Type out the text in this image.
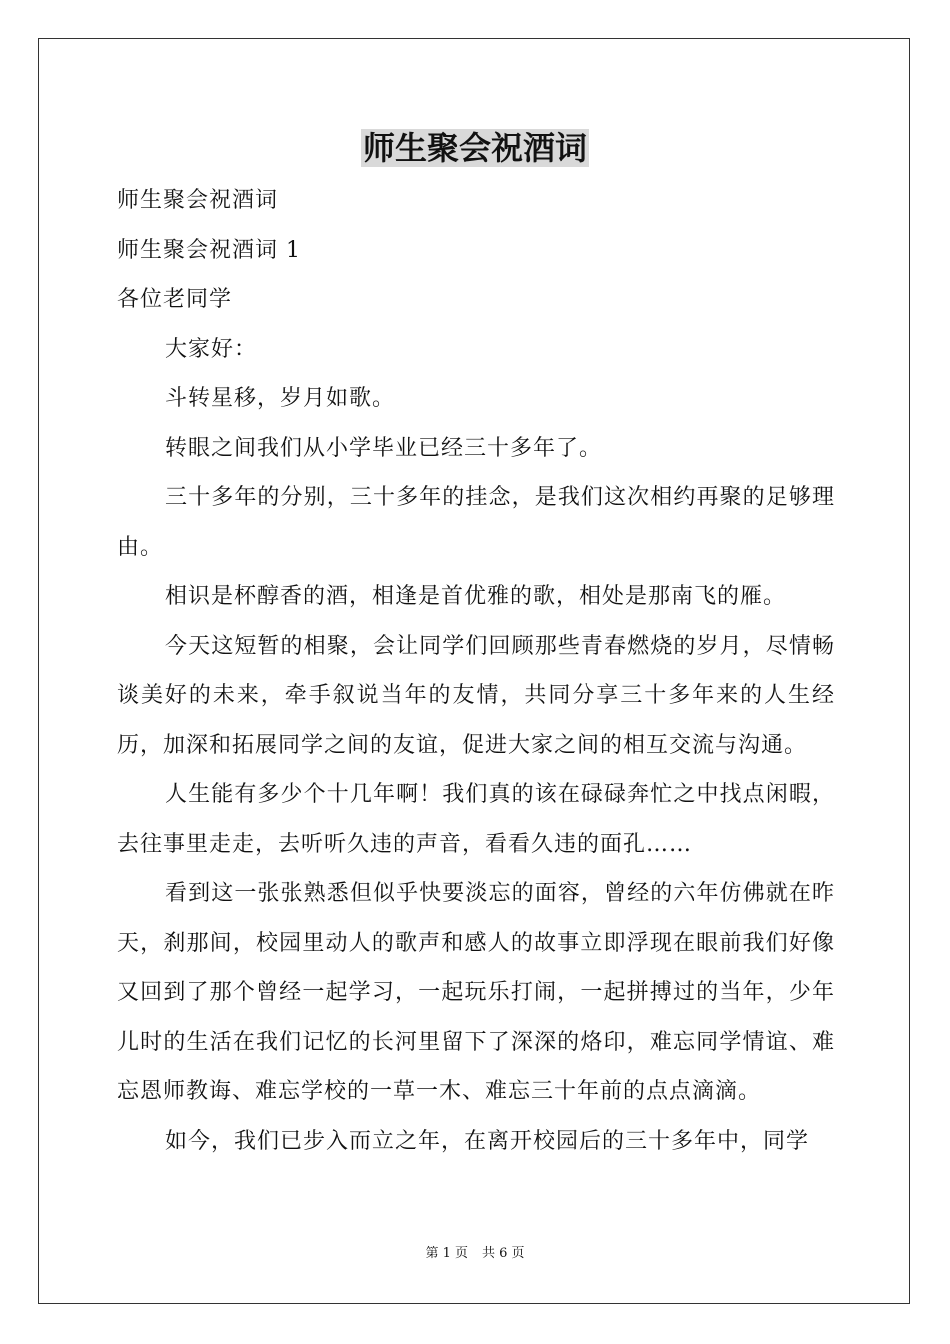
师生聚会祝酒词

师生聚会祝酒词

师生聚会祝酒词 1

各位老同学

大家好：

斗转星移，岁月如歌。

转眼之间我们从小学毕业已经三十多年了。

三十多年的分别，三十多年的挂念，是我们这次相约再聚的足够理由。

相识是杯醇香的酒，相逢是首优雅的歌，相处是那南飞的雁。

今天这短暂的相聚，会让同学们回顾那些青春燃烧的岁月，尽情畅谈美好的未来，牵手叙说当年的友情，共同分享三十多年来的人生经历，加深和拓展同学之间的友谊，促进大家之间的相互交流与沟通。

人生能有多少个十几年啊！我们真的该在碌碌奔忙之中找点闲暇，去往事里走走，去听听久违的声音，看看久违的面孔……

看到这一张张熟悉但似乎快要淡忘的面容，曾经的六年仿佛就在昨天，刹那间，校园里动人的歌声和感人的故事立即浮现在眼前我们好像又回到了那个曾经一起学习，一起玩乐打闹，一起拼搏过的当年，少年儿时的生活在我们记忆的长河里留下了深深的烙印，难忘同学情谊、难忘恩师教诲、难忘学校的一草一木、难忘三十年前的点点滴滴。

如今，我们已步入而立之年，在离开校园后的三十多年中，同学

第 1 页 共 6 页
